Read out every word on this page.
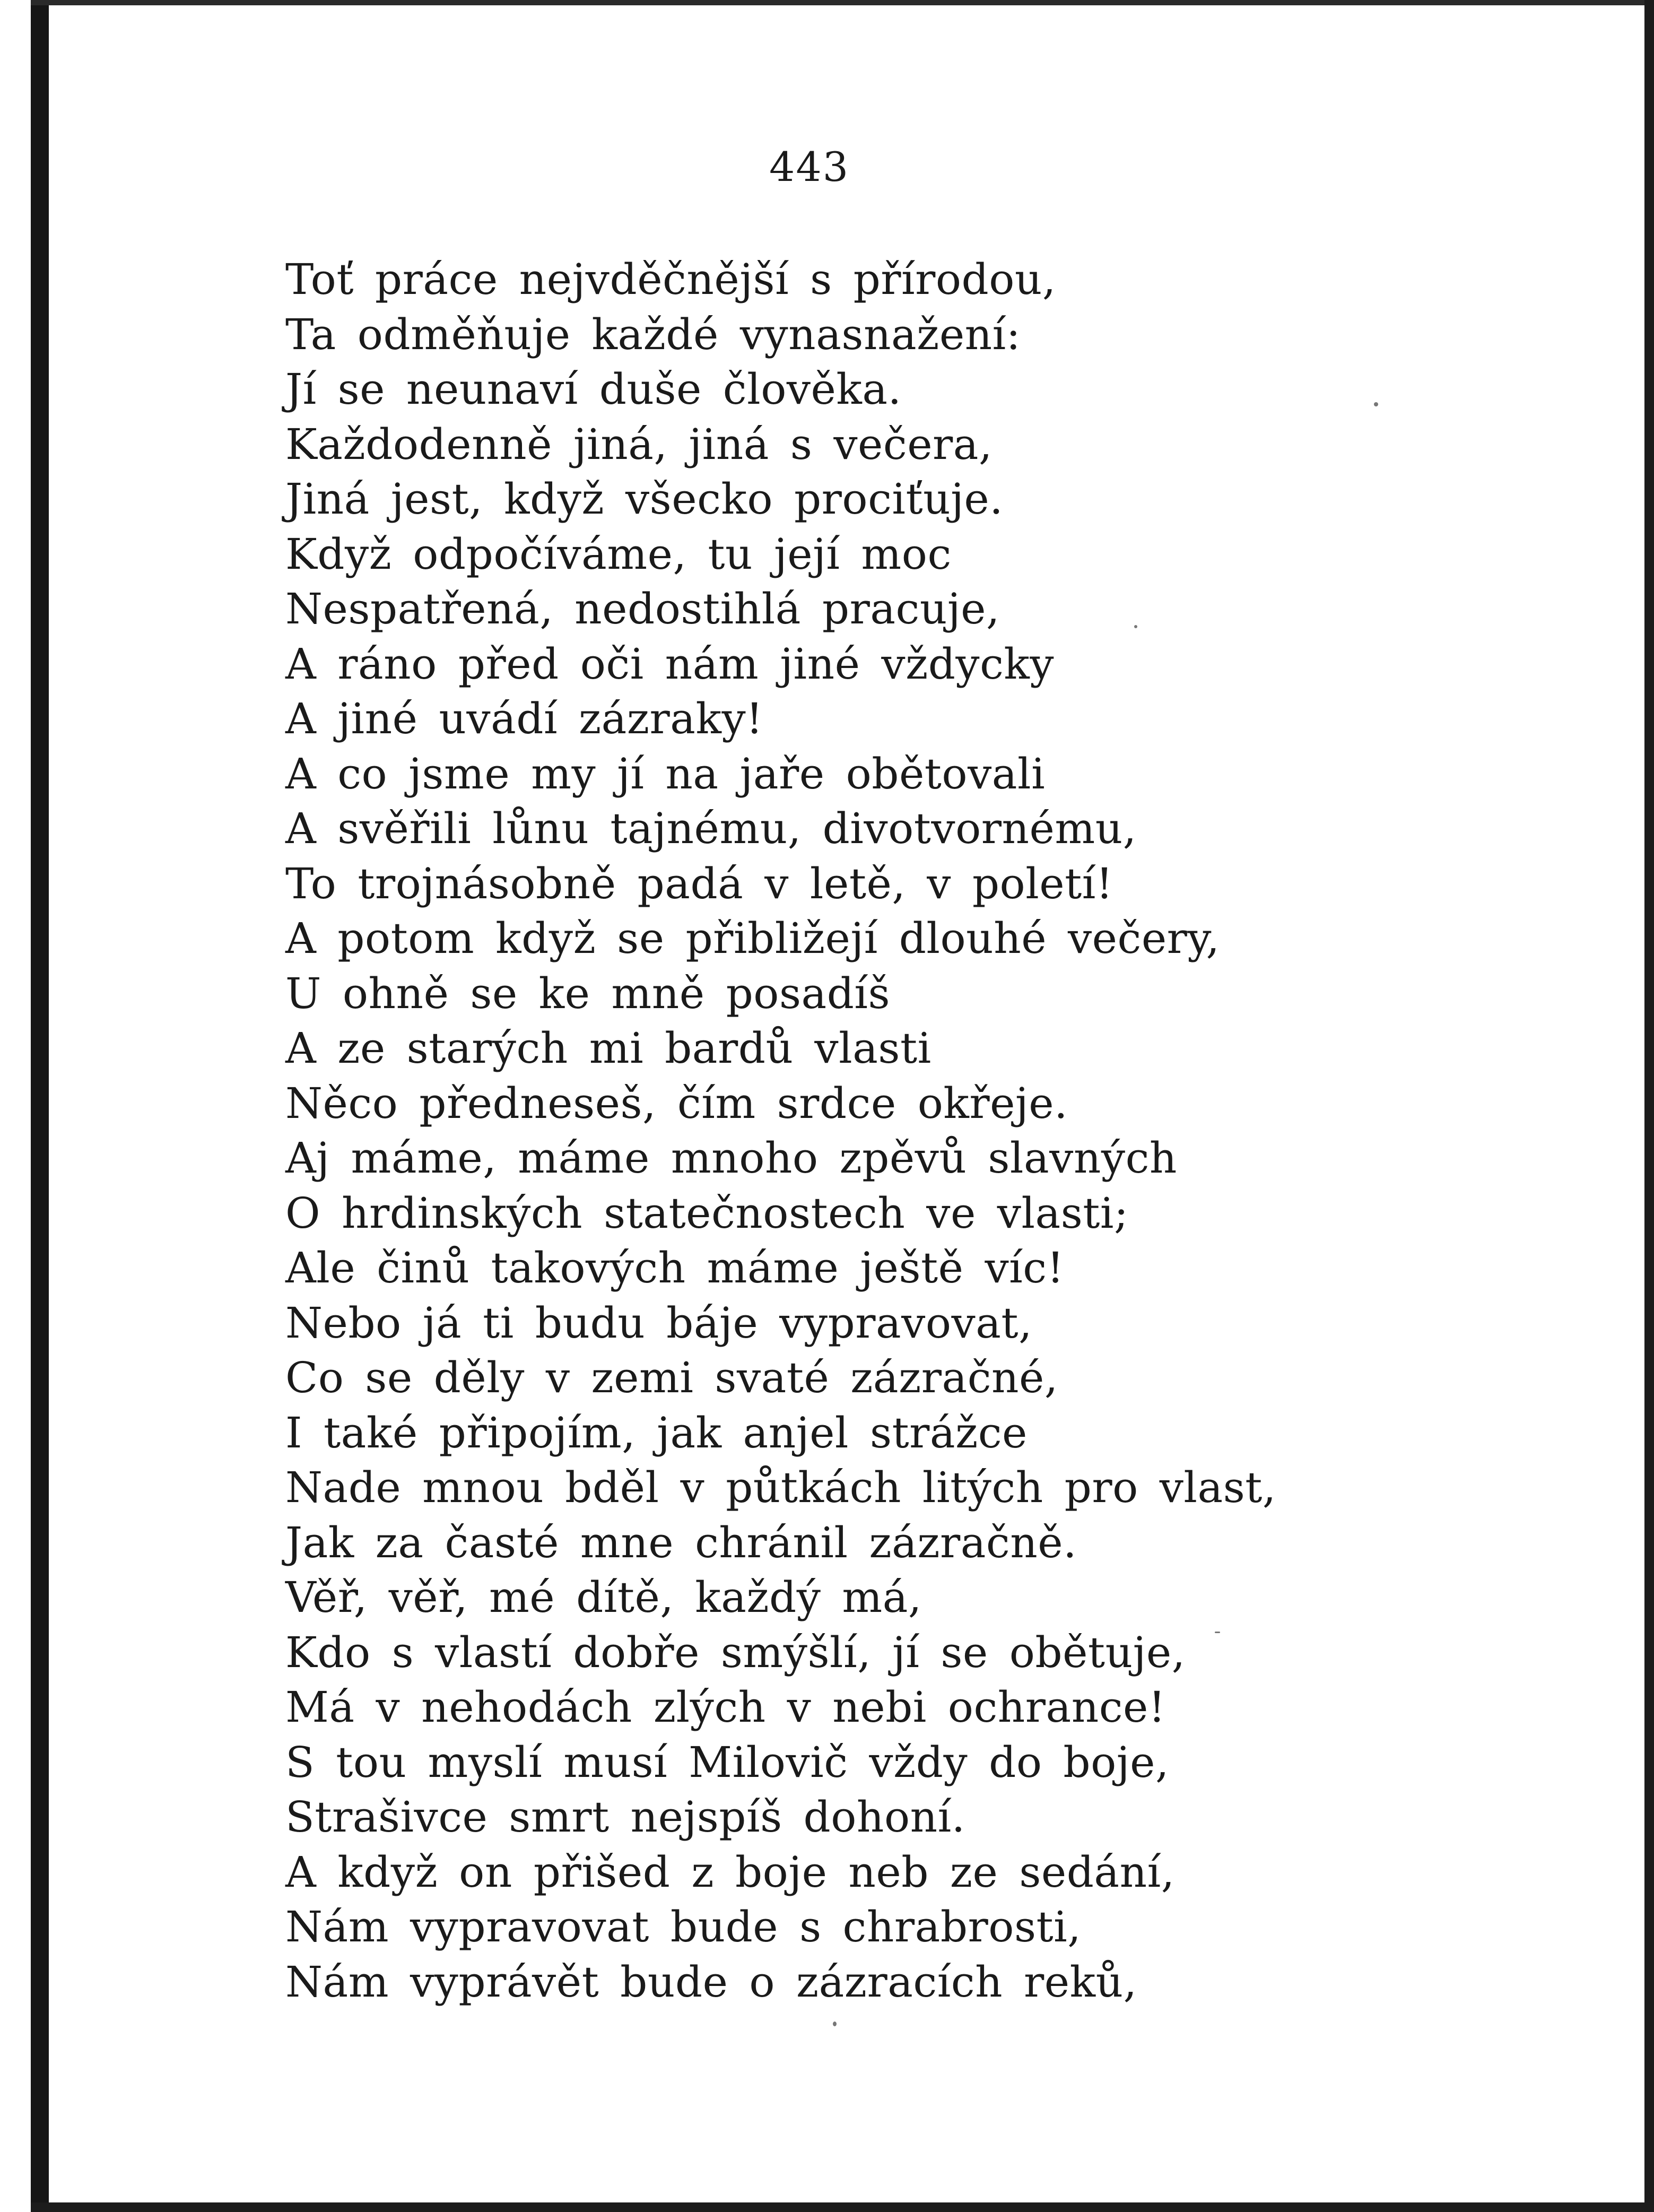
443
Toť práce nejvděčnější s přírodou,
Ta odměňuje každé vynasnažení:
Jí se neunaví duše člověka.
Každodenně jiná, jiná s večera,
Jiná jest, když všecko prociťuje.
Když odpočíváme, tu její moc
Nespatřená, nedostihlá pracuje,
A ráno před oči nám jiné vždycky
A jiné uvádí zázraky!
A co jsme my jí na jaře obětovali
A svěřili lůnu tajnému, divotvornému,
To trojnásobně padá v letě, v poletí!
A potom když se přibližejí dlouhé večery,
U ohně se ke mně posadíš
A ze starých mi bardů vlasti
Něco předneseš, čím srdce okřeje.
Aj máme, máme mnoho zpěvů slavných
O hrdinských statečnostech ve vlasti;
Ale činů takových máme ještě víc!
Nebo já ti budu báje vypravovat,
Co se děly v zemi svaté zázračné,
I také připojím, jak anjel strážce
Nade mnou bděl v půtkách litých pro vlast,
Jak za časté mne chránil zázračně.
Věř, věř, mé dítě, každý má,
Kdo s vlastí dobře smýšlí, jí se obětuje,
Má v nehodách zlých v nebi ochrance!
S tou myslí musí Milovič vždy do boje,
Strašivce smrt nejspíš dohoní.
A když on přišed z boje neb ze sedání,
Nám vypravovat bude s chrabrosti,
Nám vyprávět bude o zázracích reků,
